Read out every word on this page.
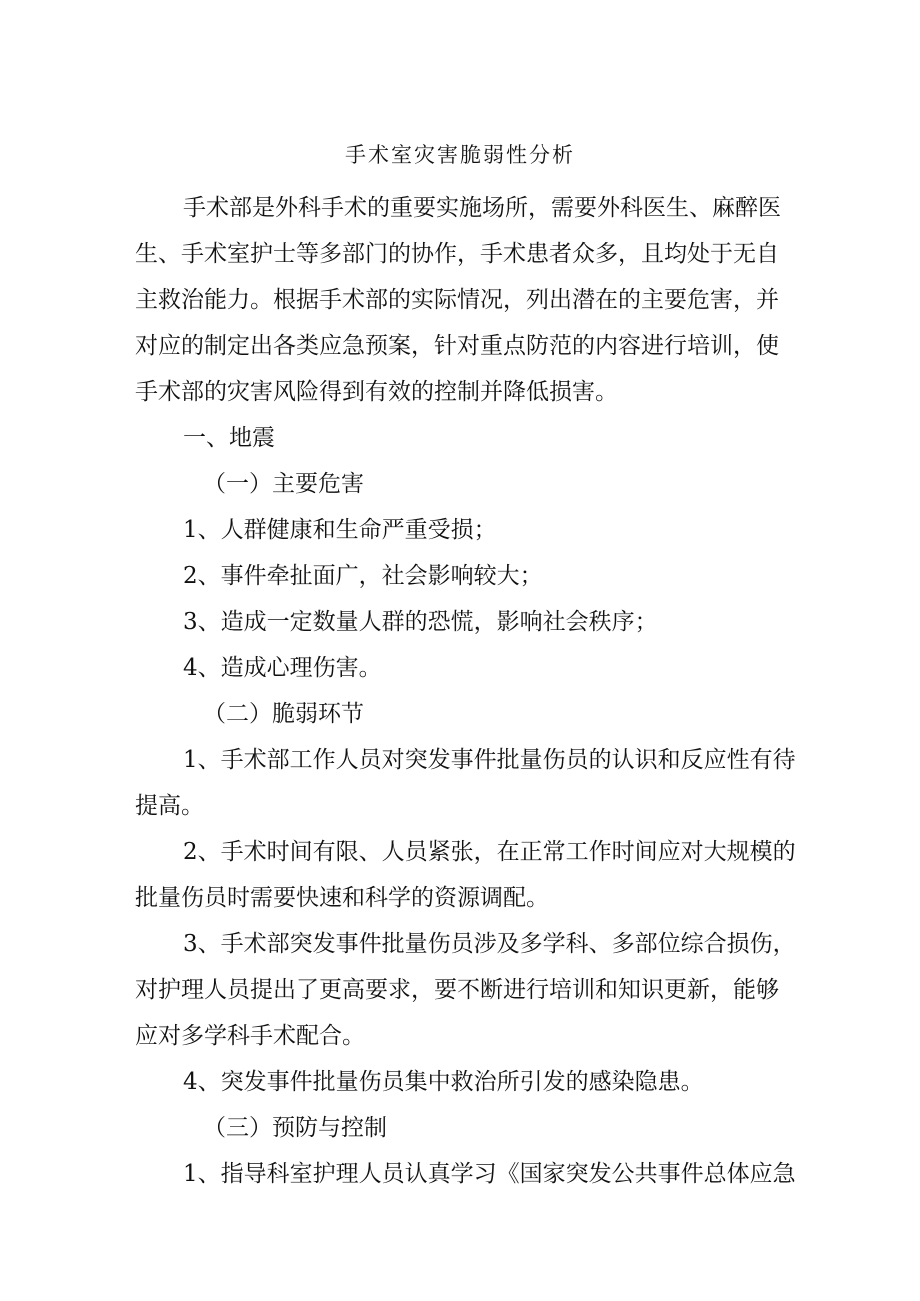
手术室灾害脆弱性分析
手术部是外科手术的重要实施场所，需要外科医生、麻醉医
生、手术室护士等多部门的协作，手术患者众多，且均处于无自
主救治能力。根据手术部的实际情况，列出潜在的主要危害，并
对应的制定出各类应急预案，针对重点防范的内容进行培训，使
手术部的灾害风险得到有效的控制并降低损害。
一、地震
（一）主要危害
1、人群健康和生命严重受损；
2、事件牵扯面广，社会影响较大；
3、造成一定数量人群的恐慌，影响社会秩序；
4、造成心理伤害。
（二）脆弱环节
1、手术部工作人员对突发事件批量伤员的认识和反应性有待
提高。
2、手术时间有限、人员紧张，在正常工作时间应对大规模的
批量伤员时需要快速和科学的资源调配。
3、手术部突发事件批量伤员涉及多学科、多部位综合损伤，
对护理人员提出了更高要求，要不断进行培训和知识更新，能够
应对多学科手术配合。
4、突发事件批量伤员集中救治所引发的感染隐患。
（三）预防与控制
1、指导科室护理人员认真学习《国家突发公共事件总体应急
